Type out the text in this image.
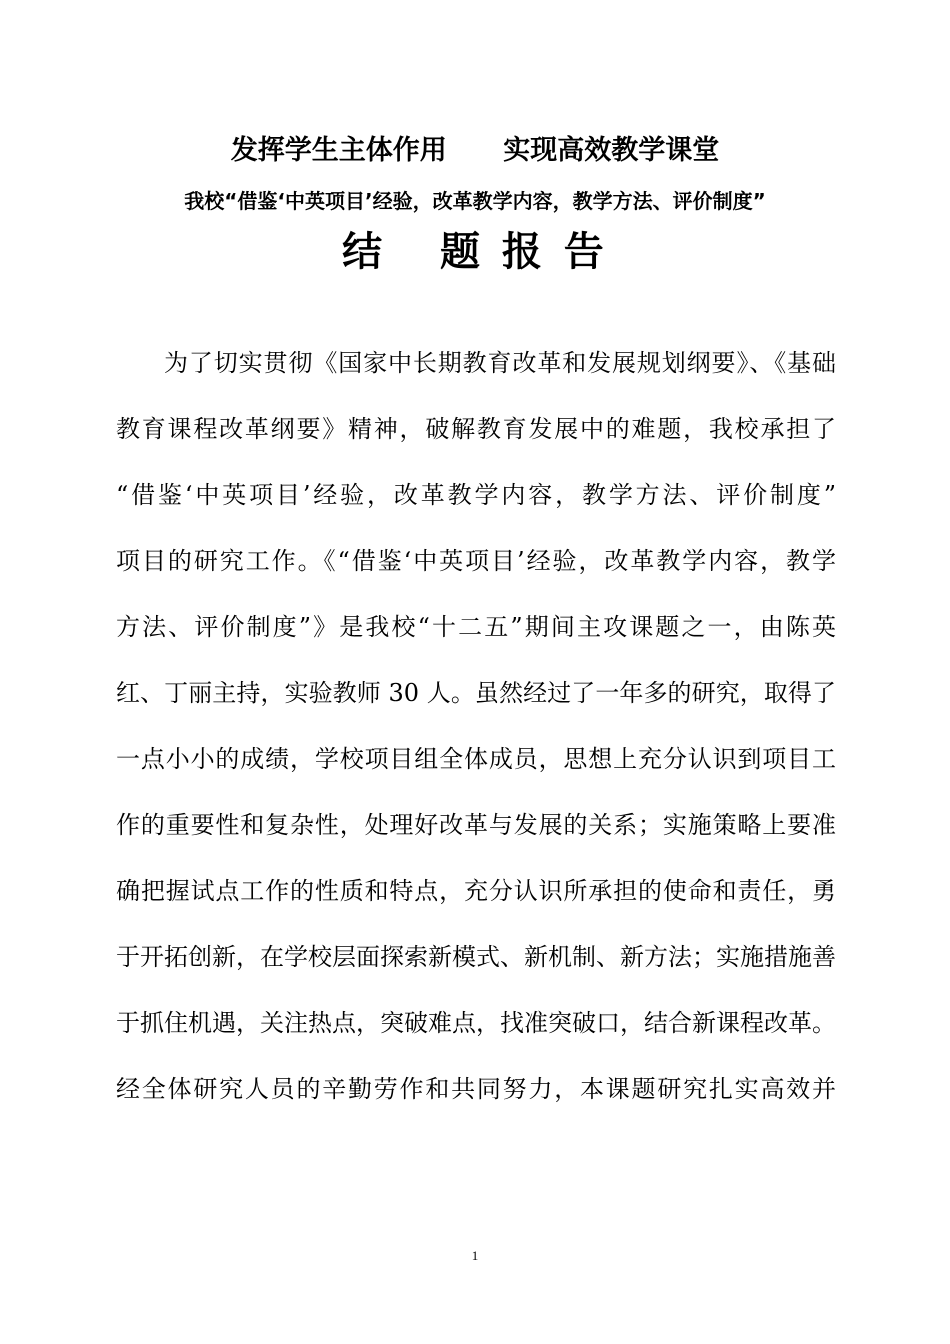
发挥学生主体作用      实现高效教学课堂
我校“借鉴‘中英项目’经验，改革教学内容，教学方法、评价制度”
结   题 报 告
为了切实贯彻《国家中长期教育改革和发展规划纲要》、《基础
教育课程改革纲要》精神，破解教育发展中的难题，我校承担了
“借鉴‘中英项目’经验，改革教学内容，教学方法、评价制度”
项目的研究工作。《“借鉴‘中英项目’经验，改革教学内容，教学
方法、评价制度”》是我校“十二五”期间主攻课题之一，由陈英
红、丁丽主持，实验教师 30 人。虽然经过了一年多的研究，取得了
一点小小的成绩，学校项目组全体成员，思想上充分认识到项目工
作的重要性和复杂性，处理好改革与发展的关系；实施策略上要准
确把握试点工作的性质和特点，充分认识所承担的使命和责任，勇
于开拓创新，在学校层面探索新模式、新机制、新方法；实施措施善
于抓住机遇，关注热点，突破难点，找准突破口，结合新课程改革。
经全体研究人员的辛勤劳作和共同努力，本课题研究扎实高效并
1
